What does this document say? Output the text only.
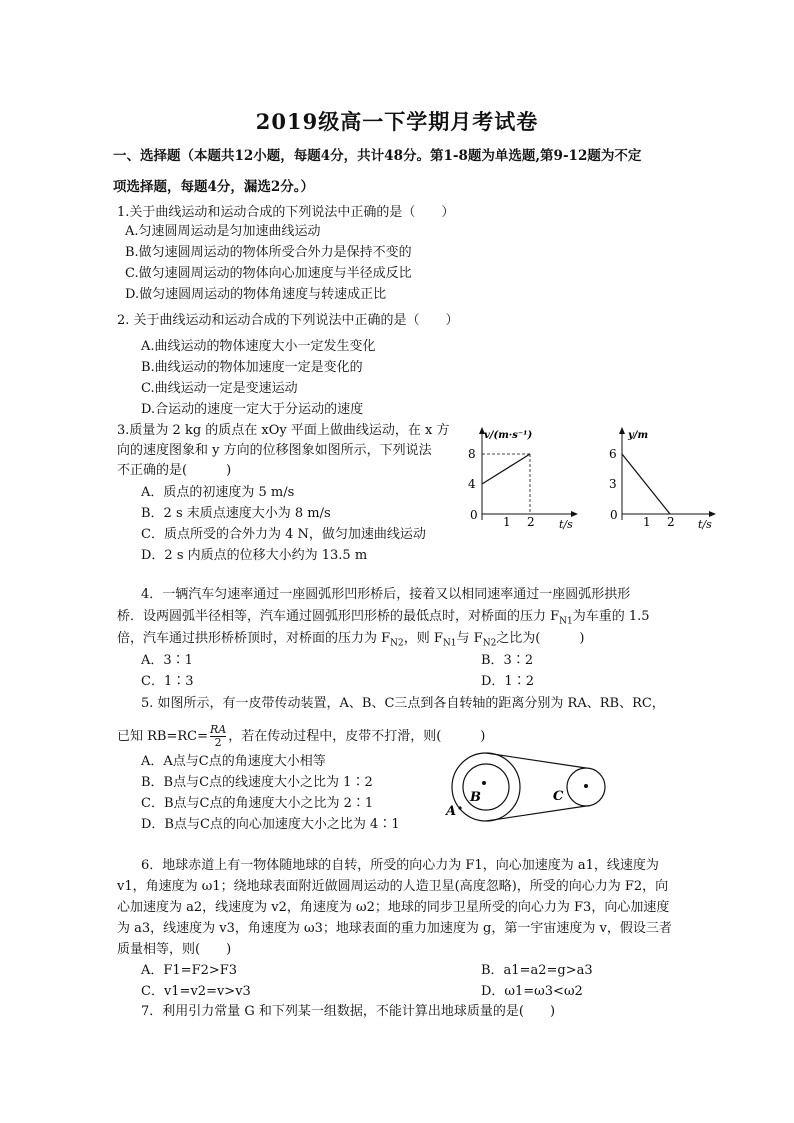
2019级高一下学期月考试卷
一、选择题（本题共12小题，每题4分，共计48分。第1-8题为单选题,第9-12题为不定
项选择题，每题4分，漏选2分。）
1.关于曲线运动和运动合成的下列说法中正确的是（　　）
A.匀速圆周运动是匀加速曲线运动
B.做匀速圆周运动的物体所受合外力是保持不变的
C.做匀速圆周运动的物体向心加速度与半径成反比
D.做匀速圆周运动的物体角速度与转速成正比
2. 关于曲线运动和运动合成的下列说法中正确的是（　　）
A.曲线运动的物体速度大小一定发生变化
B.曲线运动的物体加速度一定是变化的
C.曲线运动一定是变速运动
D.合运动的速度一定大于分运动的速度
3.质量为 2 kg 的质点在 xOy 平面上做曲线运动，在 x 方
向的速度图象和 y 方向的位移图象如图所示，下列说法
不正确的是(　　　)
A．质点的初速度为 5 m/s
B．2 s 末质点速度大小为 8 m/s
C．质点所受的合外力为 4 N，做匀加速曲线运动
D．2 s 内质点的位移大小约为 13.5 m
v/(m·s⁻¹)
8
4
0 1 2 t/s
y/m
6
3
0 1 2 t/s
4．一辆汽车匀速率通过一座圆弧形凹形桥后，接着又以相同速率通过一座圆弧形拱形
桥．设两圆弧半径相等，汽车通过圆弧形凹形桥的最低点时，对桥面的压力 $F_{N1}$为车重的 1.5
倍，汽车通过拱形桥桥顶时，对桥面的压力为 $F_{N2}$，则 $F_{N1}$与 $F_{N2}$之比为(　　　)
A．3∶1	B．3∶2
C．1∶3	D．1∶2
5. 如图所示，有一皮带传动装置，A、B、C三点到各自转轴的距离分别为 RA、RB、RC，
已知 $RB=RC= \frac{RA}{2}$ ，若在传动过程中，皮带不打滑，则(　　　)
A．A点与C点的角速度大小相等
B．B点与C点的线速度大小之比为 1∶2
C．B点与C点的角速度大小之比为 2∶1
D．B点与C点的向心加速度大小之比为 4∶1
A
B	C
6．地球赤道上有一物体随地球的自转，所受的向心力为 F1，向心加速度为 a1，线速度为
v1，角速度为 ω1；绕地球表面附近做圆周运动的人造卫星(高度忽略)，所受的向心力为 F2，向
心加速度为 a2，线速度为 v2，角速度为 ω2；地球的同步卫星所受的向心力为 F3，向心加速度
为 a3，线速度为 v3，角速度为 ω3；地球表面的重力加速度为 g，第一宇宙速度为 v，假设三者
质量相等，则(　　)
A．F1=F2>F3	B．a1=a2=g>a3
C．v1=v2=v>v3	D．ω1=ω3<ω2
7．利用引力常量 G 和下列某一组数据，不能计算出地球质量的是(　　)
